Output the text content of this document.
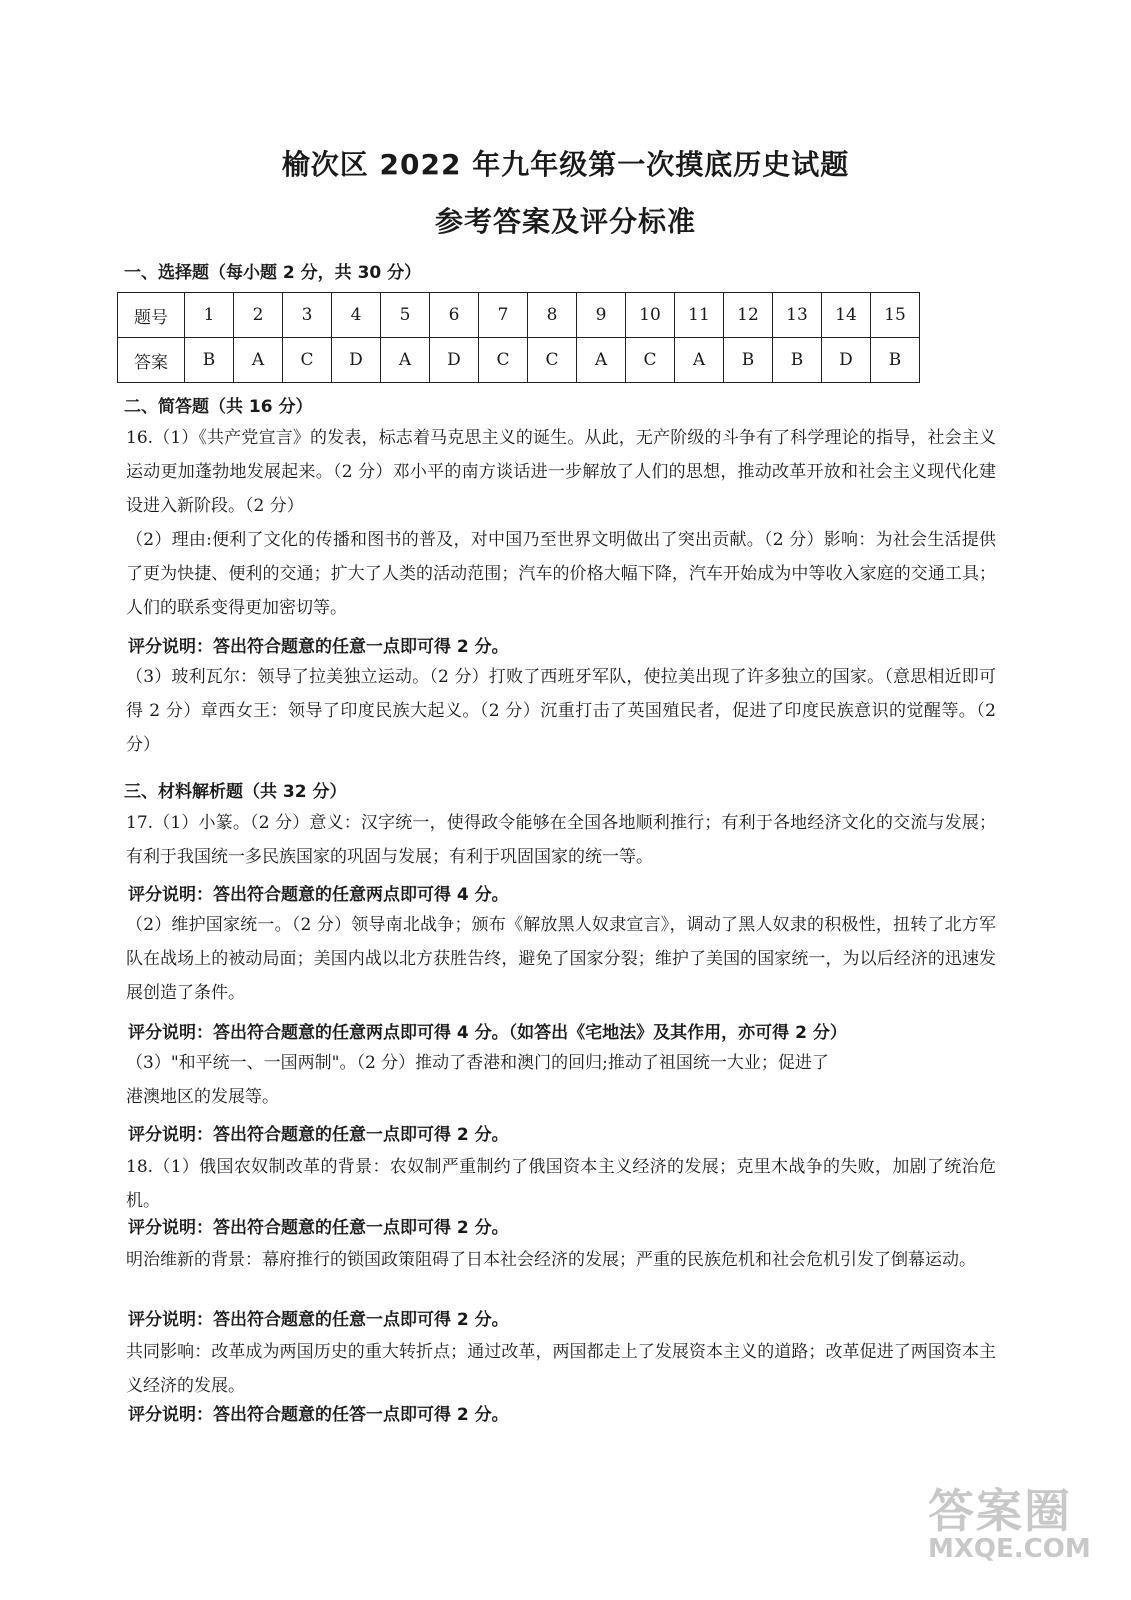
榆次区 2022 年九年级第一次摸底历史试题
参考答案及评分标准
一、选择题（每小题 2 分，共 30 分）
题号	1	2	3	4	5	6	7	8	9	10	11	12	13	14	15
答案	B	A	C	D	A	D	C	C	A	C	A	B	B	D	B
二、简答题（共 16 分）
16.（1）《共产党宣言》的发表，标志着马克思主义的诞生。从此，无产阶级的斗争有了科学理论的指导，社会主义运动更加蓬勃地发展起来。（2 分）邓小平的南方谈话进一步解放了人们的思想，推动改革开放和社会主义现代化建设进入新阶段。（2 分）
（2）理由:便利了文化的传播和图书的普及，对中国乃至世界文明做出了突出贡献。（2 分）影响：为社会生活提供了更为快捷、便利的交通；扩大了人类的活动范围；汽车的价格大幅下降，汽车开始成为中等收入家庭的交通工具；人们的联系变得更加密切等。
评分说明：答出符合题意的任意一点即可得 2 分。
（3）玻利瓦尔：领导了拉美独立运动。（2 分）打败了西班牙军队，使拉美出现了许多独立的国家。（意思相近即可得 2 分）章西女王：领导了印度民族大起义。（2 分）沉重打击了英国殖民者，促进了印度民族意识的觉醒等。（2 分）
三、材料解析题（共 32 分）
17.（1）小篆。（2 分）意义：汉字统一，使得政令能够在全国各地顺利推行；有利于各地经济文化的交流与发展；有利于我国统一多民族国家的巩固与发展；有利于巩固国家的统一等。
评分说明：答出符合题意的任意两点即可得 4 分。
（2）维护国家统一。（2 分）领导南北战争；颁布《解放黑人奴隶宣言》，调动了黑人奴隶的积极性，扭转了北方军队在战场上的被动局面；美国内战以北方获胜告终，避免了国家分裂；维护了美国的国家统一，为以后经济的迅速发展创造了条件。
评分说明：答出符合题意的任意两点即可得 4 分。（如答出《宅地法》及其作用，亦可得 2 分）
（3）"和平统一、一国两制"。（2 分）推动了香港和澳门的回归;推动了祖国统一大业；促进了
港澳地区的发展等。
评分说明：答出符合题意的任意一点即可得 2 分。
18.（1）俄国农奴制改革的背景：农奴制严重制约了俄国资本主义经济的发展；克里木战争的失败，加剧了统治危机。
评分说明：答出符合题意的任意一点即可得 2 分。
明治维新的背景：幕府推行的锁国政策阻碍了日本社会经济的发展；严重的民族危机和社会危机引发了倒幕运动。
评分说明：答出符合题意的任意一点即可得 2 分。
共同影响：改革成为两国历史的重大转折点；通过改革，两国都走上了发展资本主义的道路；改革促进了两国资本主义经济的发展。
评分说明：答出符合题意的任答一点即可得 2 分。
答案圈
MXQE.COM
